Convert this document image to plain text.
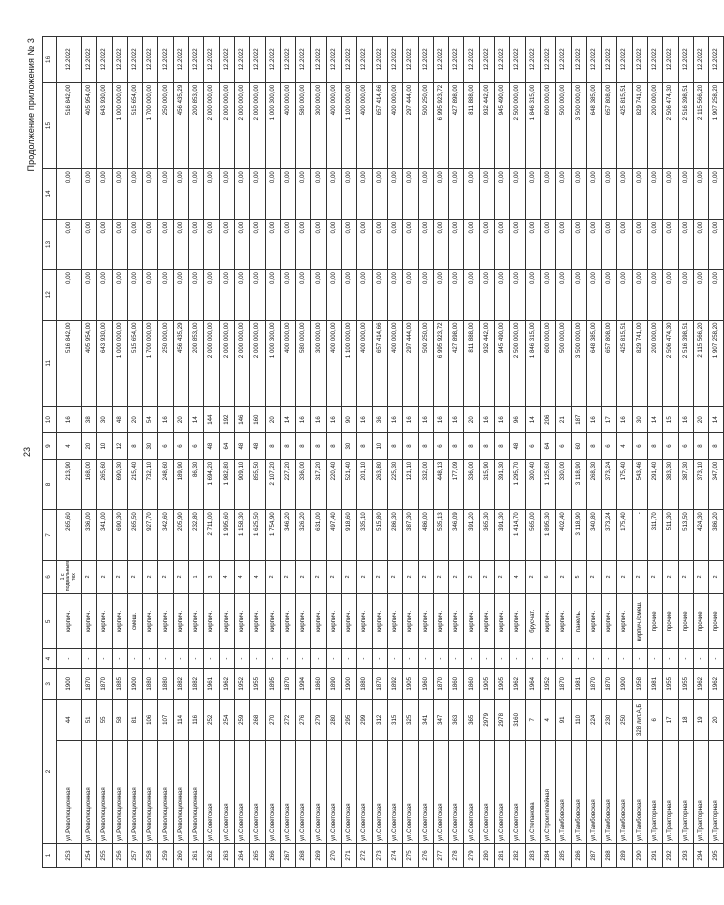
23
Продолжение приложения № 3
1	2		3	4	5	6	7	8	9	10	11	12	13	14	15	16
253	ул.Революционная	44	1900	-	кирпич.	1 с подвальным тех	265,60	213,90	4	16	516 842,00	0,00	0,00	0,00	516 842,00	12.2022
254	ул.Революционная	51	1870	-	кирпич.	2	336,00	168,00	20	38	405 954,00	0,00	0,00	0,00	405 954,00	12.2022
255	ул.Революционная	55	1870	-	кирпич.	2	341,00	265,60	10	30	643 930,00	0,00	0,00	0,00	643 930,00	12.2022
256	ул.Революционная	58	1885	-	кирпич.	2	690,30	690,30	12	48	1 000 000,00	0,00	0,00	0,00	1 000 000,00	12.2022
257	ул.Революционная	81	1900	-	смеш.	2	265,50	215,40	8	20	515 654,00	0,00	0,00	0,00	515 654,00	12.2022
258	ул.Революционная	106	1880	-	кирпич.	2	927,70	732,10	30	54	1 700 000,00	0,00	0,00	0,00	1 700 000,00	12.2022
259	ул.Революционная	107	1880	-	кирпич.	2	342,60	248,60	6	16	250 000,00	0,00	0,00	0,00	250 000,00	12.2022
260	ул.Революционная	114	1882	-	кирпич.	2	205,90	189,90	6	20	456 435,29	0,00	0,00	0,00	456 435,29	12.2022
261	ул.Революционная	116	1882	-	кирпич.	1	232,80	86,30	6	14	200 853,00	0,00	0,00	0,00	200 853,00	12.2022
262	ул.Советская	252	1961	-	кирпич.	3	2 711,00	1 694,20	48	144	2 000 000,00	0,00	0,00	0,00	2 000 000,00	12.2022
263	ул.Советская	254	1962	-	кирпич.	4	1 995,60	1 982,80	64	192	2 000 000,00	0,00	0,00	0,00	2 000 000,00	12.2022
264	ул.Советская	259	1952	-	кирпич.	4	1 158,30	909,10	48	146	2 000 000,00	0,00	0,00	0,00	2 000 000,00	12.2022
265	ул.Советская	268	1955	-	кирпич.	4	1 625,50	855,50	48	160	2 000 000,00	0,00	0,00	0,00	2 000 000,00	12.2022
266	ул.Советская	270	1895	-	кирпич.	2	1 754,90	2 107,20	8	20	1 000 300,00	0,00	0,00	0,00	1 000 300,00	12.2022
267	ул.Советская	272	1870	-	кирпич.	2	346,20	227,20	8	14	400 000,00	0,00	0,00	0,00	400 000,00	12.2022
268	ул.Советская	276	1994	-	кирпич.	2	326,20	336,00	8	16	580 000,00	0,00	0,00	0,00	580 000,00	12.2022
269	ул.Советская	279	1860	-	кирпич.	2	631,00	317,20	8	16	300 000,00	0,00	0,00	0,00	300 000,00	12.2022
270	ул.Советская	280	1890	-	кирпич.	2	497,40	220,40	8	16	400 000,00	0,00	0,00	0,00	400 000,00	12.2022
271	ул.Советская	295	1900	-	кирпич.	2	918,60	521,40	30	90	1 100 000,00	0,00	0,00	0,00	1 100 000,00	12.2022
272	ул.Советская	299	1880	-	кирпич.	2	335,10	201,10	8	16	400 000,00	0,00	0,00	0,00	400 000,00	12.2022
273	ул.Советская	312	1870	-	кирпич.	2	515,80	263,80	10	36	657 414,66	0,00	0,00	0,00	657 414,66	12.2022
274	ул.Советская	315	1892	-	кирпич.	2	286,30	225,30	8	16	400 000,00	0,00	0,00	0,00	400 000,00	12.2022
275	ул.Советская	325	1905	-	кирпич.	2	387,30	121,10	8	16	297 444,00	0,00	0,00	0,00	297 444,00	12.2022
276	ул.Советская	341	1960	-	кирпич.	2	486,00	332,00	8	16	500 250,00	0,00	0,00	0,00	500 250,00	12.2022
277	ул.Советская	347	1870	-	кирпич.	2	535,13	448,13	6	16	6 995 923,72	0,00	0,00	0,00	6 995 923,72	12.2022
278	ул.Советская	363	1860	-	кирпич.	2	346,09	177,09	8	16	427 898,00	0,00	0,00	0,00	427 898,00	12.2022
279	ул.Советская	365	1860	-	кирпич.	2	391,20	336,00	8	20	811 888,00	0,00	0,00	0,00	811 888,00	12.2022
280	ул.Советская	2979	1905	-	кирпич.	2	365,30	315,90	8	16	932 442,00	0,00	0,00	0,00	932 442,00	12.2022
281	ул.Советская	2978	1905	-	кирпич.	2	391,30	391,30	8	16	945 490,00	0,00	0,00	0,00	945 490,00	12.2022
282	ул.Советская	3160	1962	-	кирпич.	4	1 414,70	1 295,70	48	96	2 500 000,00	0,00	0,00	0,00	2 500 000,00	12.2022
283	ул.Степанова	7	1964	-	брусчат.	2	565,00	300,40	6	14	1 846 315,00	0,00	0,00	0,00	1 846 315,00	12.2022
284	ул.Строителейная	4	1952	-	кирпич.	6	1 895,30	1 125,60	64	206	600 000,00	0,00	0,00	0,00	600 000,00	12.2022
285	ул.Тамбовская	91	1870	-	кирпич.	2	402,40	330,00	6	21	500 000,00	0,00	0,00	0,00	500 000,00	12.2022
286	ул.Тамбовская	110	1981	-	панель.	5	3 118,90	3 118,90	60	187	3 500 000,00	0,00	0,00	0,00	3 500 000,00	12.2022
287	ул.Тамбовская	224	1870	-	кирпич.	2	340,80	268,30	8	16	648 385,00	0,00	0,00	0,00	648 385,00	12.2022
288	ул.Тамбовская	230	1870	-	кирпич.	2	373,24	373,24	6	17	657 808,00	0,00	0,00	0,00	657 808,00	12.2022
289	ул.Тамбовская	250	1900	-	кирпич.	2	175,40	175,40	4	16	425 815,51	0,00	0,00	0,00	425 815,51	12.2022
290	ул.Тамбовская	328 лит.А,Б	1958	-	кирпич./смеш.	2	-	543,46	6	30	829 741,00	0,00	0,00	0,00	829 741,00	12.2022
291	ул.Тракторная	6	1981	-	прочие	2	311,70	291,40	8	14	200 000,00	0,00	0,00	0,00	200 000,00	12.2022
292	ул.Тракторная	17	1955	-	прочие	2	511,30	383,30	6	15	2 506 474,30	0,00	0,00	0,00	2 506 474,30	12.2022
293	ул.Тракторная	18	1955	-	прочие	2	513,50	387,30	6	16	2 516 398,51	0,00	0,00	0,00	2 516 398,51	12.2022
294	ул.Тракторная	19	1962	-	прочие	2	424,30	373,10	8	20	2 115 566,20	0,00	0,00	0,00	2 115 566,20	12.2022
295	ул.Тракторная	20	1962	-	прочие	2	386,20	347,00	8	14	1 907 258,20	0,00	0,00	0,00	1 907 258,20	12.2022
